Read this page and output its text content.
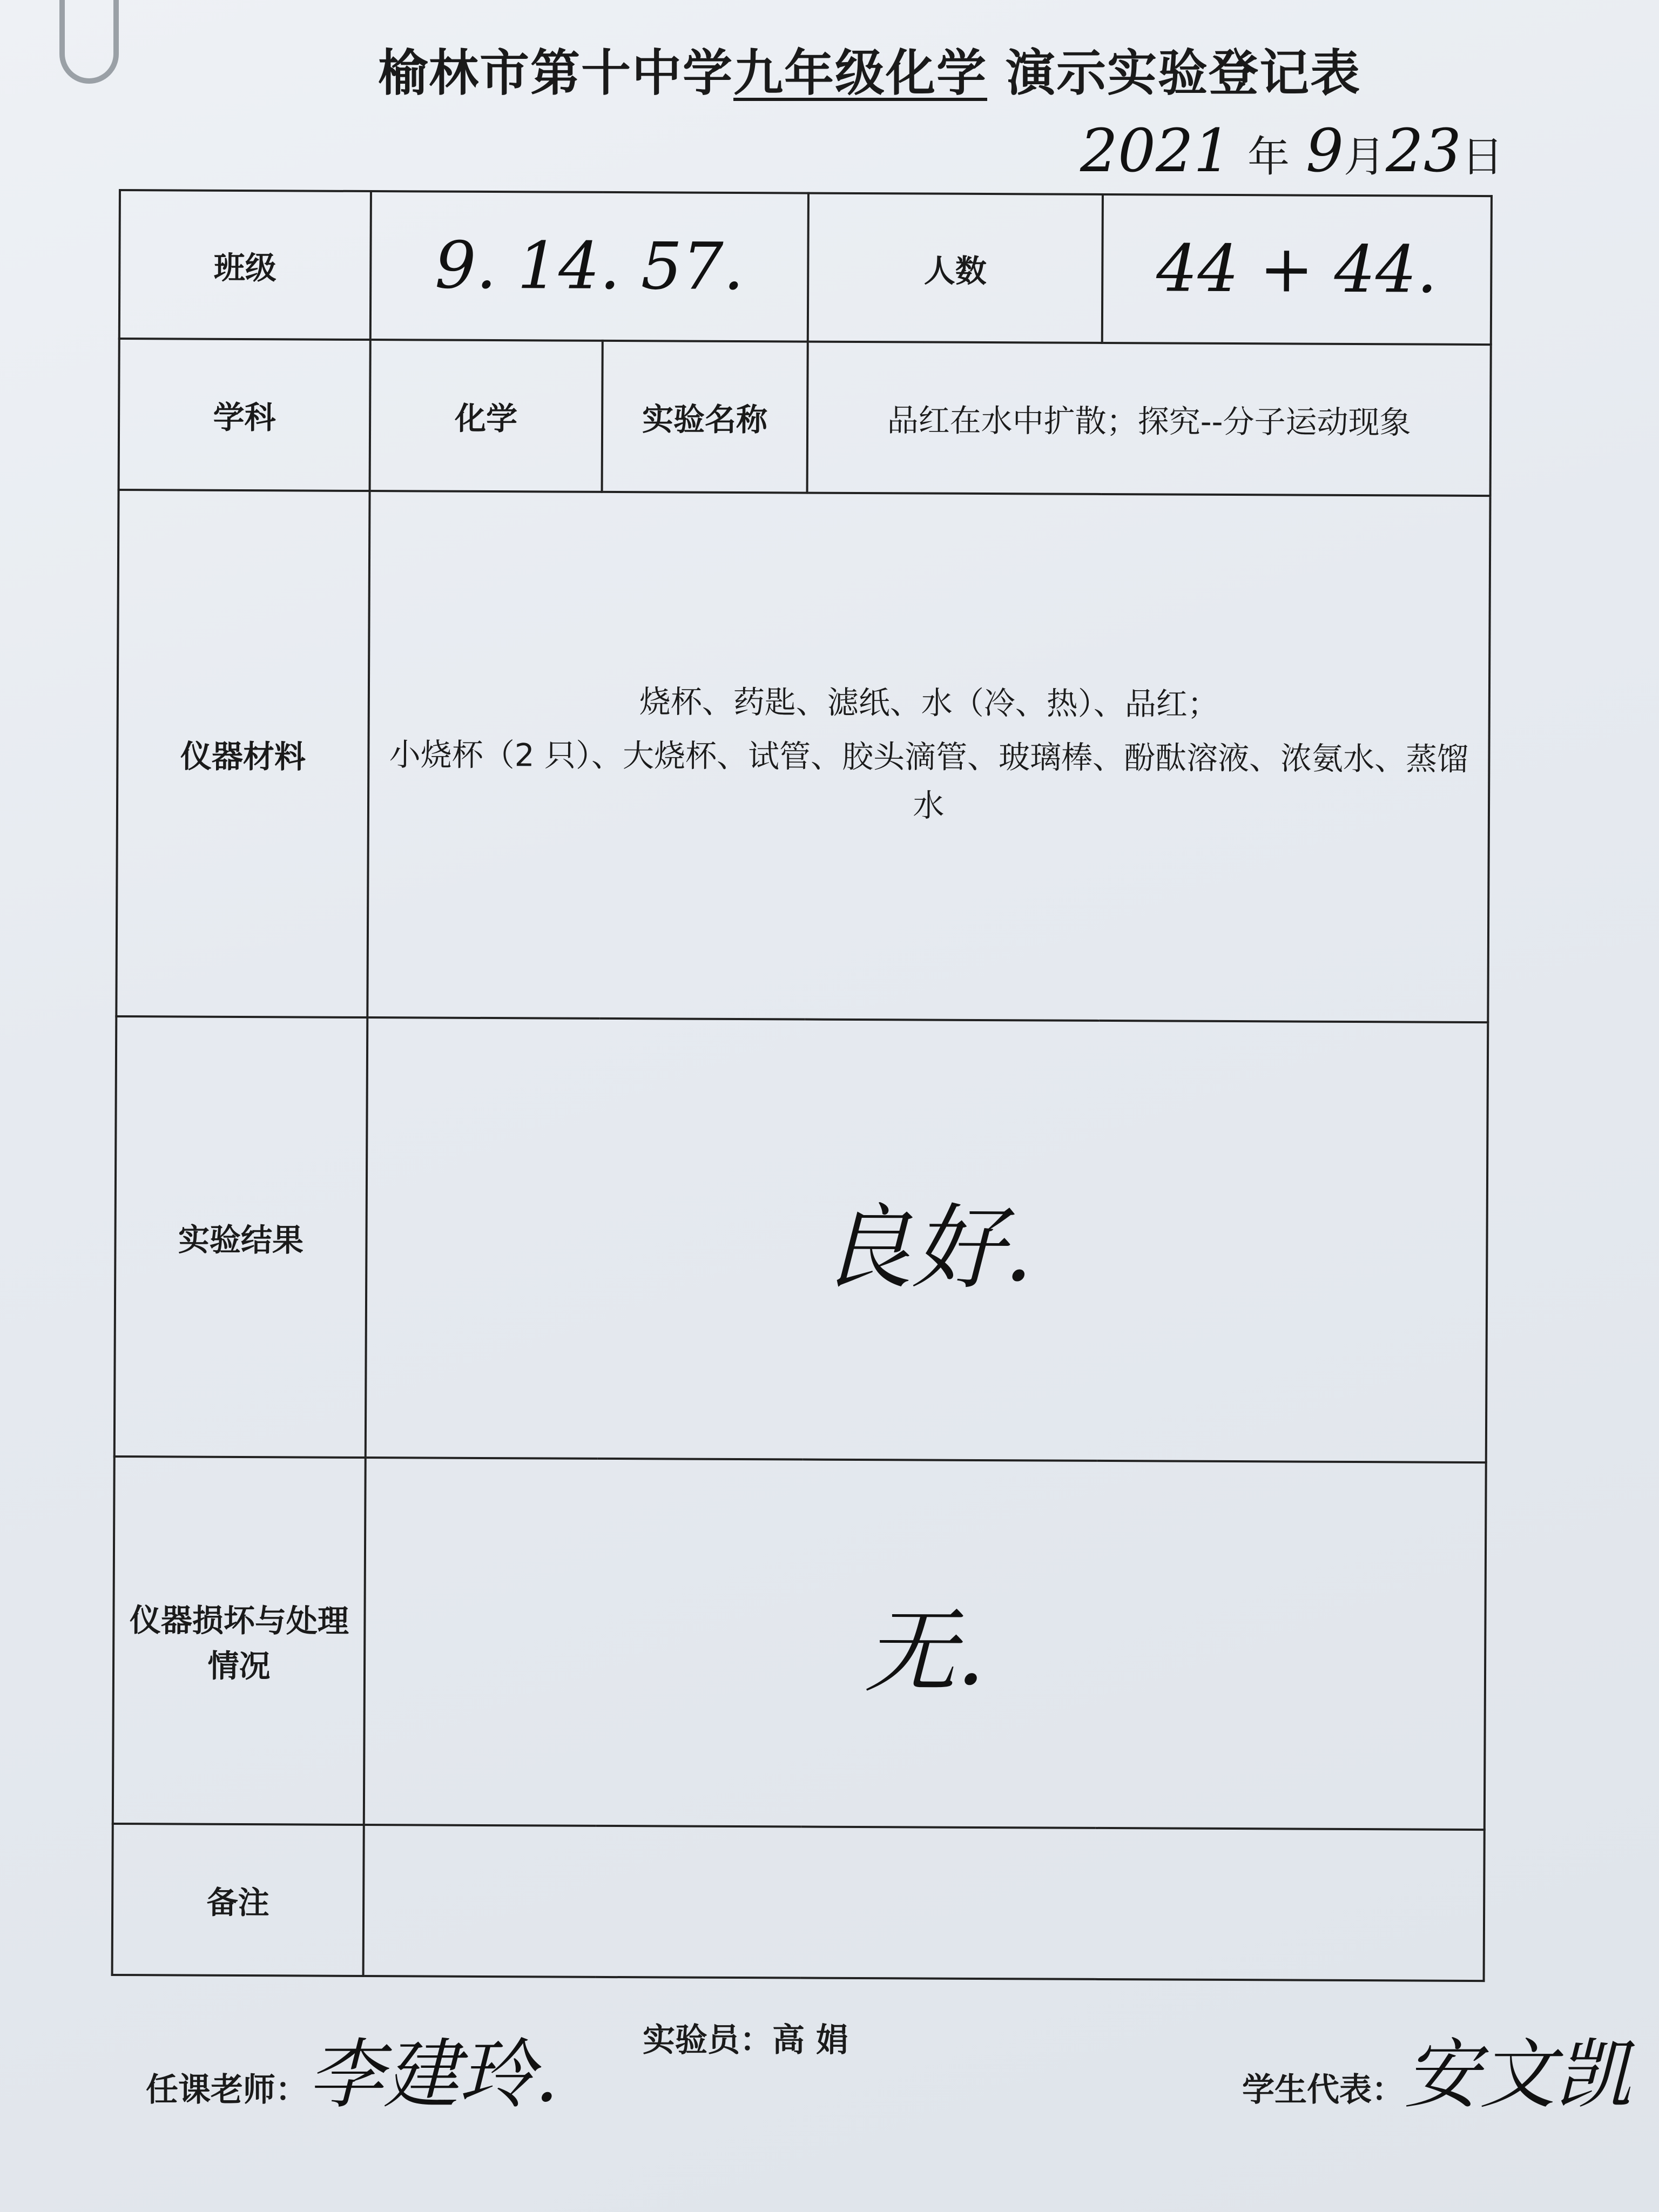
榆林市第十中学九年级化学 演示实验登记表
2021 年 9月23日
班级	9. 14. 57.		人数	44 + 44.
学科	化学	实验名称	品红在水中扩散；探究--分子运动现象	
仪器材料	烧杯、药匙、滤纸、水（冷、热）、品红；

小烧杯（2 只）、大烧杯、试管、胶头滴管、玻璃棒、酚酞溶液、浓氨水、蒸馏水			

实验结果	良好.			
仪器损坏与处理情况	无.			
备注				
任课老师：李建玲.	实验员：高 娟
学生代表：安文凯
